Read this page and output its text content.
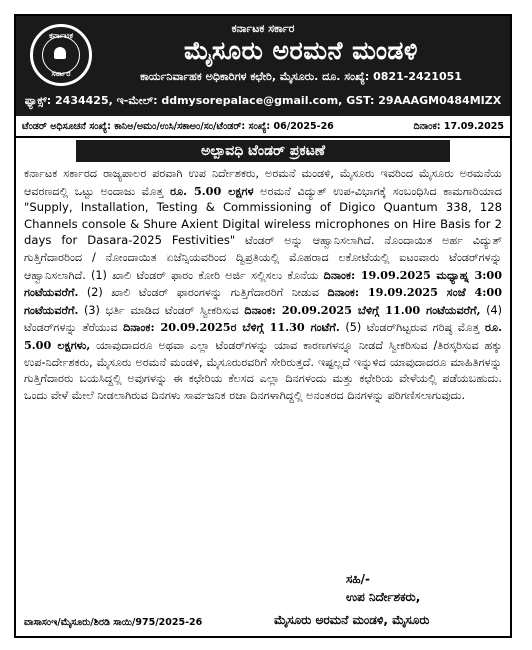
ಕರ್ನಾಟಕ
ಸರ್ಕಾರ
ಕರ್ನಾಟಕ ಸರ್ಕಾರ
ಮೈಸೂರು ಅರಮನೆ ಮಂಡಳಿ
ಕಾರ್ಯನಿರ್ವಾಹಕ ಅಧಿಕಾರಿಗಳ ಕಛೇರಿ, ಮೈಸೂರು. ದೂ. ಸಂಖ್ಯೆ: 0821-2421051
ಫ್ಯಾಕ್ಸ್: 2434425, ಇ-ಮೇಲ್: ddmysorepalace@gmail.com, GST: 29AAAGM0484MIZX
ಟೆಂಡರ್ ಅಧಿಸೂಚನೆ ಸಂಖ್ಯೆ: ಕಾನಿಅ/ಅಮಂ/ಉಸಿ/ಸಕಾಅಂ/ಸಂ/ಟೆಂಡರ್: ಸಂಖ್ಯೆ: 06/2025-26	ದಿನಾಂಕ: 17.09.2025
ಅಲ್ಪಾವಧಿ ಟೆಂಡರ್ ಪ್ರಕಟಣೆ
ಕರ್ನಾಟಕ ಸರ್ಕಾರದ ರಾಜ್ಯಪಾಲರ ಪರವಾಗಿ ಉಪ ನಿರ್ದೇಶಕರು, ಅರಮನೆ ಮಂಡಳಿ, ಮೈಸೂರು ಇವರಿಂದ ಮೈಸೂರು ಅರಮನೆಯ ಆವರಣದಲ್ಲಿ ಒಟ್ಟು ಅಂದಾಜು ಮೊತ್ತ ರೂ. 5.00 ಲಕ್ಷಗಳ ಅರಮನೆ ವಿದ್ಯುತ್ ಉಪ-ವಿಭಾಗಕ್ಕೆ ಸಂಬಂಧಿಸಿದ ಕಾಮಗಾರಿಯಾದ "Supply, Installation, Testing & Commissioning of Digico Quantum 338, 128 Channels console & Shure Axient Digital wireless microphones on Hire Basis for 2 days for Dasara-2025 Festivities" ಟೆಂಡರ್ ಅನ್ನು ಆಹ್ವಾನಿಸಲಾಗಿದೆ. ನೊಂದಾಯಿತ ಅರ್ಹ ವಿದ್ಯುತ್ ಗುತ್ತಿಗೆದಾರರಿಂದ / ನೋಂದಾಯಿತ ಏಜೆನ್ಸಿಯವರಿಂದ ದ್ವಿಪ್ರತಿಯಲ್ಲಿ ಮೊಹರಾದ ಲಕೋಟೆಯಲ್ಲಿ ಐಟಂವಾರು ಟೆಂಡರ್‌ಗಳನ್ನು ಆಹ್ವಾನಿಸಲಾಗಿದೆ. (1) ಖಾಲಿ ಟೆಂಡರ್ ಫಾರಂ ಕೋರಿ ಅರ್ಜಿ ಸಲ್ಲಿಸಲು ಕೊನೆಯ ದಿನಾಂಕ: 19.09.2025 ಮಧ್ಯಾಹ್ನ 3:00 ಗಂಟೆಯವರೆಗೆ. (2) ಖಾಲಿ ಟೆಂಡರ್ ಫಾರಂಗಳನ್ನು ಗುತ್ತಿಗೆದಾರರಿಗೆ ನೀಡುವ ದಿನಾಂಕ: 19.09.2025 ಸಂಜೆ 4:00 ಗಂಟೆಯವರೆಗೆ. (3) ಭರ್ತಿ ಮಾಡಿದ ಟೆಂಡರ್ ಸ್ವೀಕರಿಸುವ ದಿನಾಂಕ: 20.09.2025 ಬೆಳಿಗ್ಗೆ 11.00 ಗಂಟೆಯವರೆಗೆ, (4) ಟೆಂಡರ್‌ಗಳನ್ನು ತೆರೆಯುವ ದಿನಾಂಕ: 20.09.2025ರ ಬೆಳಿಗ್ಗೆ 11.30 ಗಂಟೆಗೆ. (5) ಟೆಂಡರ್‌ಗಿಟ್ಟರುವ ಗರಿಷ್ಠ ಮೊತ್ತ ರೂ. 5.00 ಲಕ್ಷಗಳು, ಯಾವುದಾದರೂ ಅಥವಾ ಎಲ್ಲಾ ಟೆಂಡರ್‌ಗಳನ್ನು ಯಾವ ಕಾರಣಗಳನ್ನೂ ನೀಡದೆ ಸ್ವೀಕರಿಸುವ /ತಿರಸ್ಕರಿಸುವ ಹಕ್ಕು ಉಪ-ನಿರ್ದೇಶಕರು, ಮೈಸೂರು ಅರಮನೆ ಮಂಡಳಿ, ಮೈಸೂರುರವರಿಗೆ ಸೇರಿರುತ್ತದೆ. ಇಷ್ಟಲ್ಲದೆ ಇನ್ನುಳಿದ ಯಾವುದಾದರೂ ಮಾಹಿತಿಗಳನ್ನು ಗುತ್ತಿಗೆದಾರರು ಬಯಸಿದ್ದಲ್ಲಿ ಅವುಗಳನ್ನು ಈ ಕಛೇರಿಯ ಕೆಲಸದ ಎಲ್ಲಾ ದಿನಗಳಂದು ಮತ್ತು ಕಛೇರಿಯ ವೇಳೆಯಲ್ಲಿ ಪಡೆಯಬಹುದು. ಒಂದು ವೇಳೆ ಮೇಲೆ ನೀಡಲಾಗಿರುವ ದಿನಗಳು ಸಾರ್ವಜನಿಕ ರಜಾ ದಿನಗಳಾಗಿದ್ದಲ್ಲಿ ಅನಂತರದ ದಿನಗಳನ್ನು ಪರಿಗಣಿಸಲಾಗುವುದು.
ಸಹಿ/-
ಉಪ ನಿರ್ದೇಶಕರು,
ವಾಸಾಸಂಇ/ಮೈಸೂರು/ಶಿರಡಿ ಸಾಯಿ/975/2025-26	ಮೈಸೂರು ಅರಮನೆ ಮಂಡಳಿ, ಮೈಸೂರು
